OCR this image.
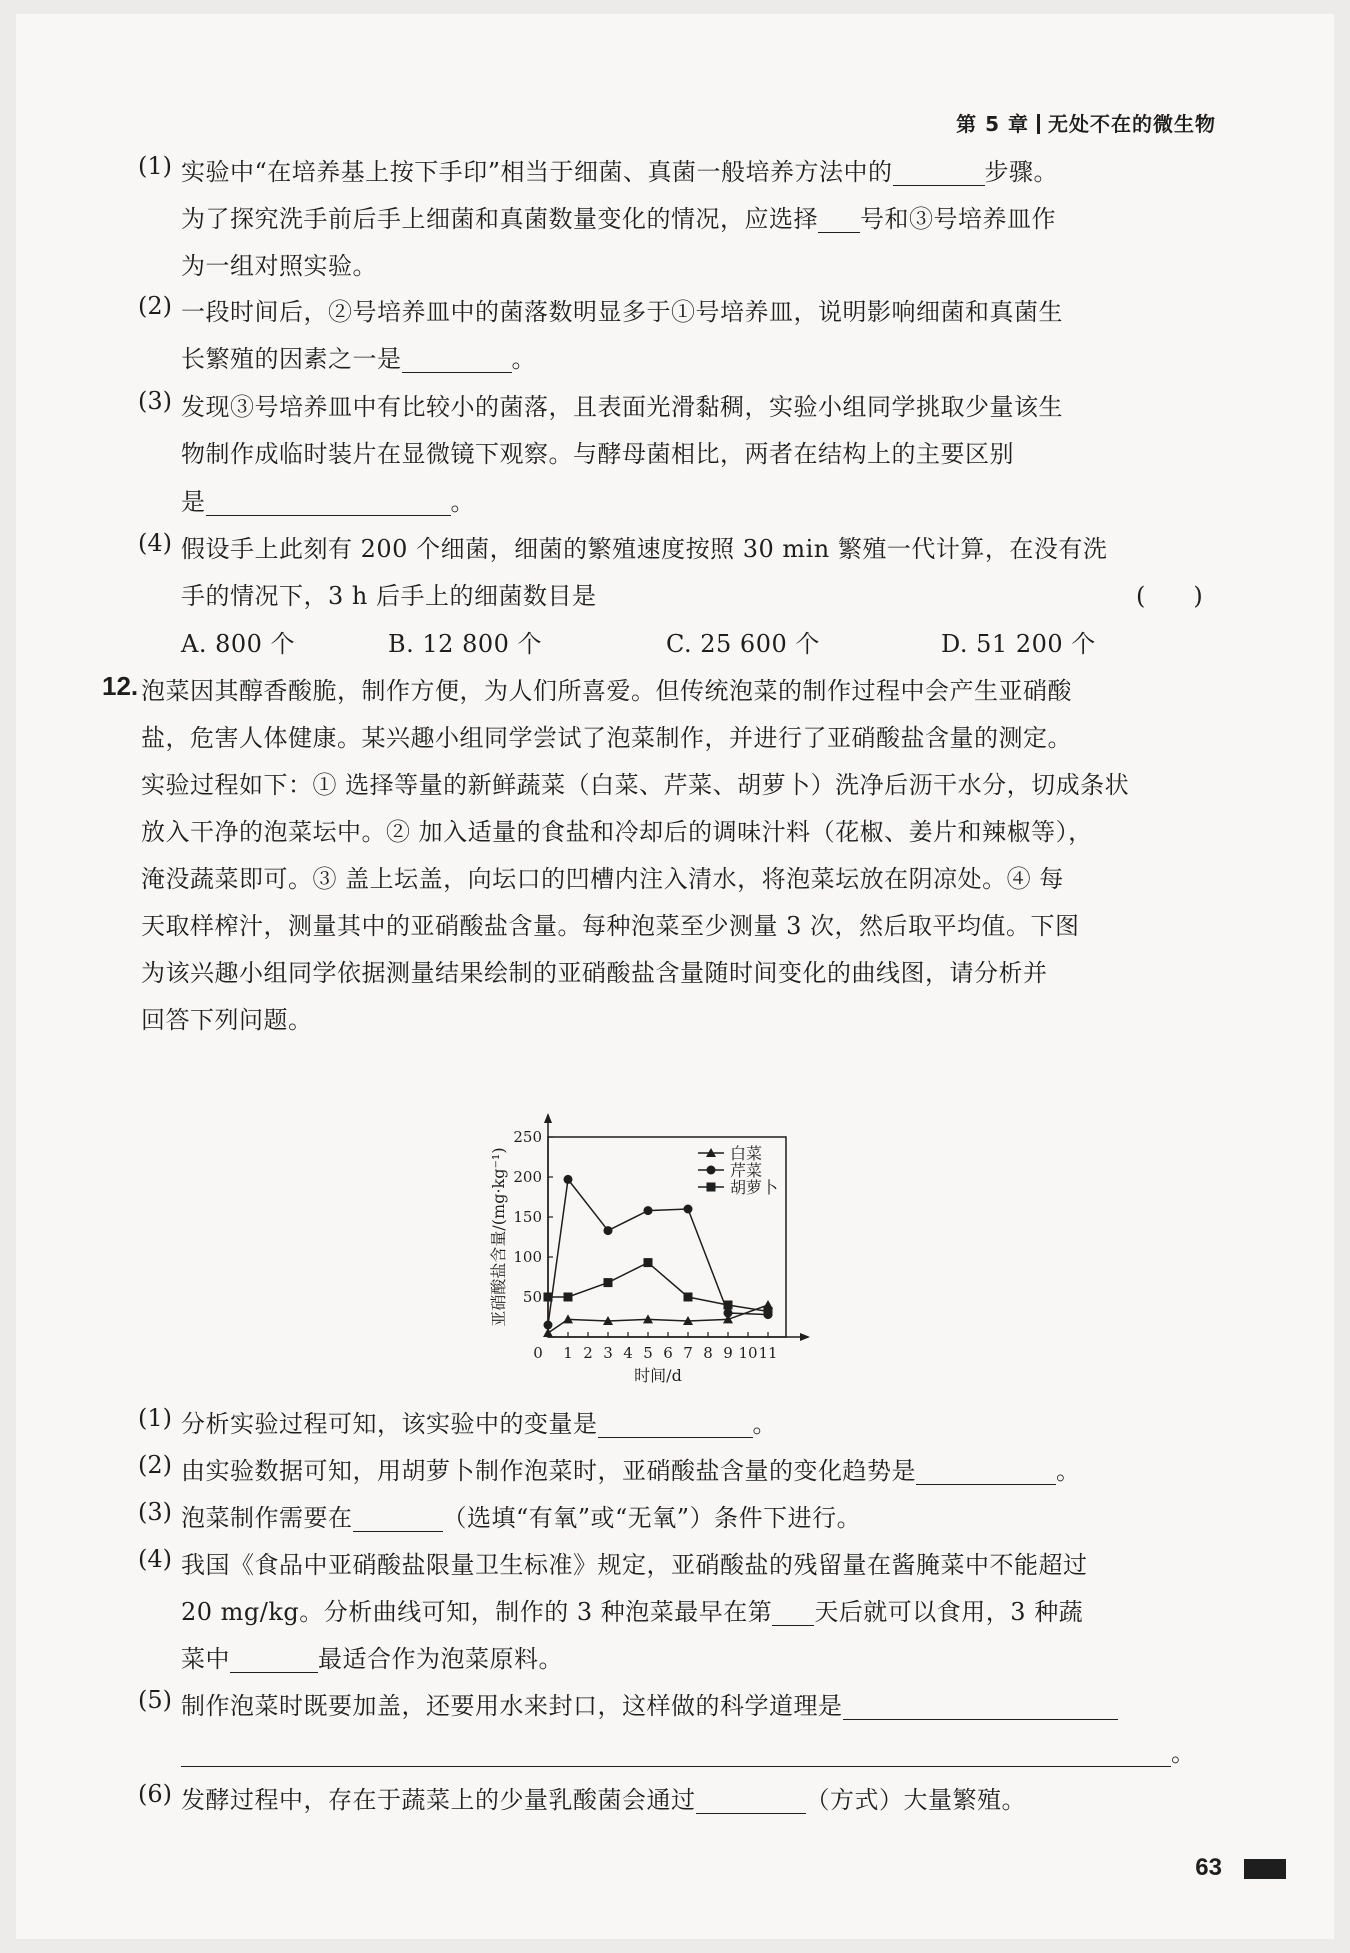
第 5 章 无处不在的微生物
(1) 实验中“在培养基上按下手印”相当于细菌、真菌一般培养方法中的	步骤。
为了探究洗手前后手上细菌和真菌数量变化的情况，应选择 号和③号培养皿作
为一组对照实验。
(2) 一段时间后，②号培养皿中的菌落数明显多于①号培养皿，说明影响细菌和真菌生
长繁殖的因素之一是	。
(3) 发现③号培养皿中有比较小的菌落，且表面光滑黏稠，实验小组同学挑取少量该生
物制作成临时装片在显微镜下观察。与酵母菌相比，两者在结构上的主要区别
是	。
(4) 假设手上此刻有 200 个细菌，细菌的繁殖速度按照 30 min 繁殖一代计算，在没有洗
手的情况下，3 h 后手上的细菌数目是	(　　)
A. 800 个	B. 12 800 个	C. 25 600 个	D. 51 200 个
12. 泡菜因其醇香酸脆，制作方便，为人们所喜爱。但传统泡菜的制作过程中会产生亚硝酸
盐，危害人体健康。某兴趣小组同学尝试了泡菜制作，并进行了亚硝酸盐含量的测定。
实验过程如下：① 选择等量的新鲜蔬菜（白菜、芹菜、胡萝卜）洗净后沥干水分，切成条状
放入干净的泡菜坛中。② 加入适量的食盐和冷却后的调味汁料（花椒、姜片和辣椒等），
淹没蔬菜即可。③ 盖上坛盖，向坛口的凹槽内注入清水，将泡菜坛放在阴凉处。④ 每
天取样榨汁，测量其中的亚硝酸盐含量。每种泡菜至少测量 3 次，然后取平均值。下图
为该兴趣小组同学依据测量结果绘制的亚硝酸盐含量随时间变化的曲线图，请分析并
回答下列问题。
50
100
150
200
250
0 1 2 3 4 5 6 7 8 9 10 11
时间/d
亚硝酸盐含量/(mg·kg⁻¹)	白菜
芹菜
胡萝卜
(1) 分析实验过程可知，该实验中的变量是	。
(2) 由实验数据可知，用胡萝卜制作泡菜时，亚硝酸盐含量的变化趋势是	。
(3) 泡菜制作需要在	（选填“有氧”或“无氧”）条件下进行。
(4) 我国《食品中亚硝酸盐限量卫生标准》规定，亚硝酸盐的残留量在酱腌菜中不能超过
20 mg/kg。分析曲线可知，制作的 3 种泡菜最早在第 天后就可以食用，3 种蔬
菜中	最适合作为泡菜原料。
(5) 制作泡菜时既要加盖，还要用水来封口，这样做的科学道理是
。
(6) 发酵过程中，存在于蔬菜上的少量乳酸菌会通过	（方式）大量繁殖。
63
